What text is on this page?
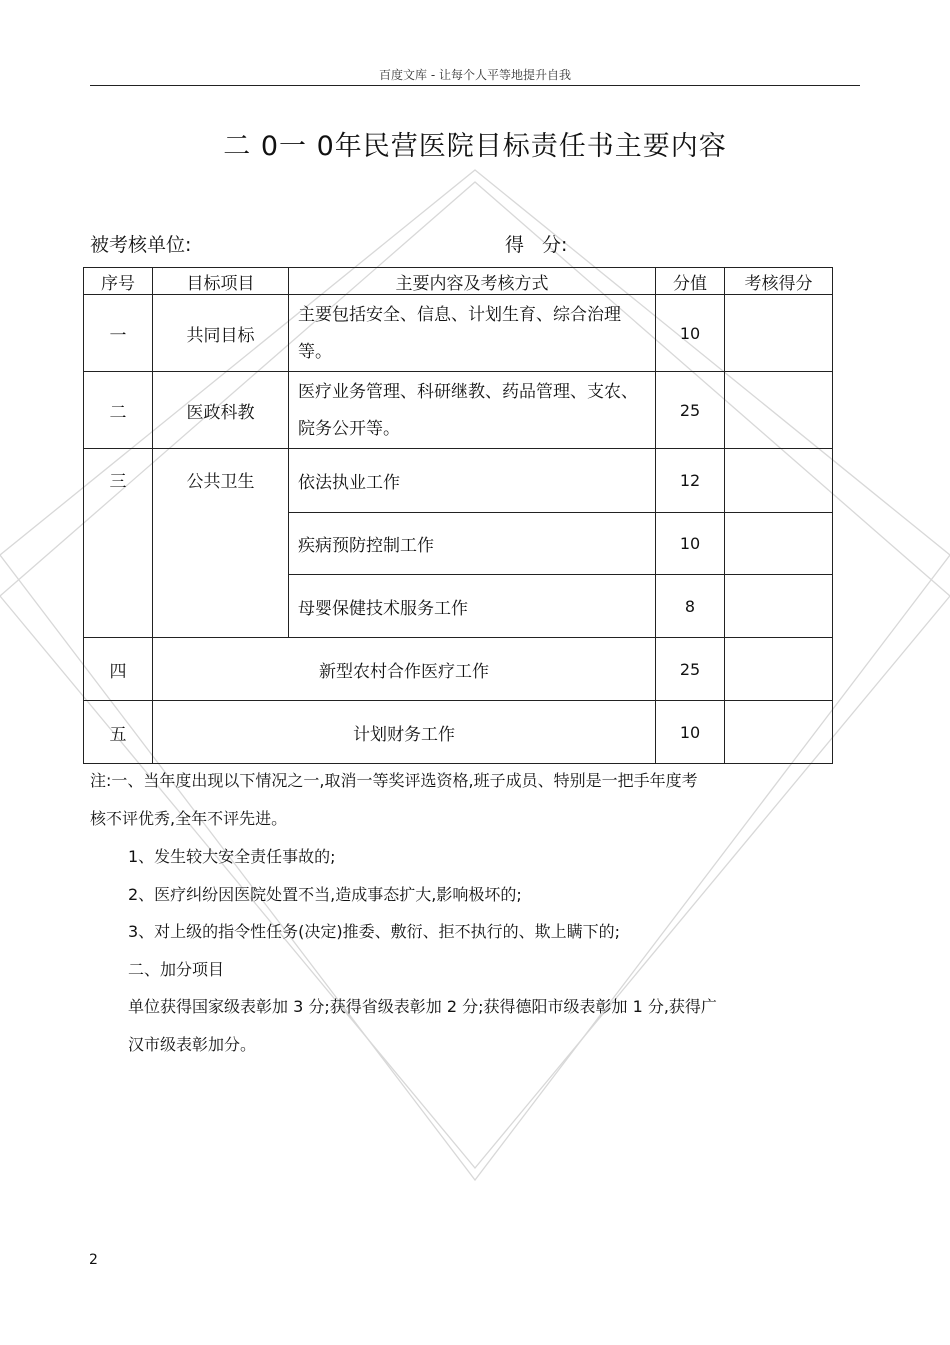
百度文库 - 让每个人平等地提升自我
二 0一 0年民营医院目标责任书主要内容
被考核单位:	得 分:
序号	目标项目	主要内容及考核方式	分值	考核得分
一	共同目标	主要包括安全、信息、计划生育、综合治理等。	10	
二	医政科教	医疗业务管理、科研继教、药品管理、支农、院务公开等。	25	
三	公共卫生	依法执业工作	12	
		疾病预防控制工作	10	
		母婴保健技术服务工作	8	
四	新型农村合作医疗工作		25	
五	计划财务工作		10	
注:一、当年度出现以下情况之一,取消一等奖评选资格,班子成员、特别是一把手年度考
核不评优秀,全年不评先进。
1、发生较大安全责任事故的;
2、医疗纠纷因医院处置不当,造成事态扩大,影响极坏的;
3、对上级的指令性任务(决定)推委、敷衍、拒不执行的、欺上瞒下的;
二、加分项目
单位获得国家级表彰加 3 分;获得省级表彰加 2 分;获得德阳市级表彰加 1 分,获得广
汉市级表彰加分。
2
